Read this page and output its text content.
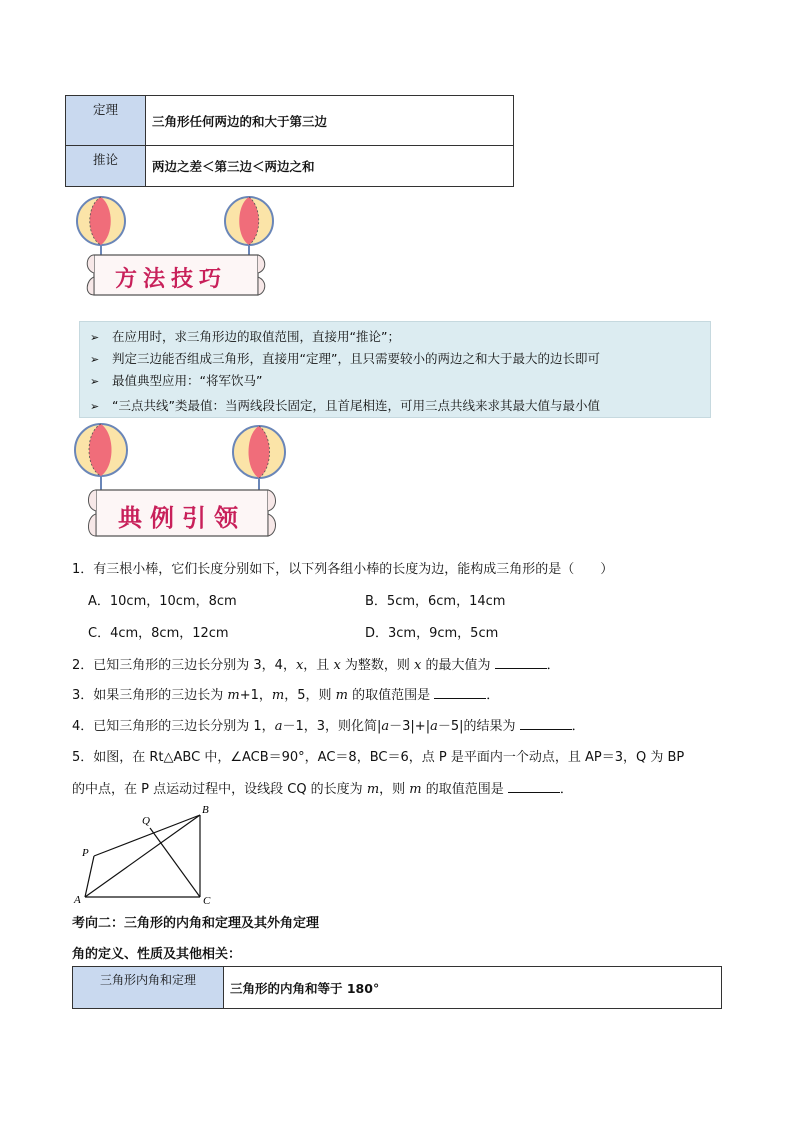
定理	三角形任何两边的和大于第三边
推论	两边之差＜第三边＜两边之和
方法技巧
➢ 在应用时，求三角形边的取值范围，直接用“推论”；
➢ 判定三边能否组成三角形，直接用“定理”，且只需要较小的两边之和大于最大的边长即可
➢ 最值典型应用：“将军饮马”
➢ “三点共线”类最值：当两线段长固定，且首尾相连，可用三点共线来求其最大值与最小值
典例引领
1．有三根小棒，它们长度分别如下，以下列各组小棒的长度为边，能构成三角形的是（　　）
A．10cm，10cm，8cm	B．5cm，6cm，14cm
C．4cm，8cm，12cm	D．3cm，9cm，5cm
2．已知三角形的三边长分别为 3，4，x，且 x 为整数，则 x 的最大值为	．
3．如果三角形的三边长为 m+1，m，5，则 m 的取值范围是	．
4．已知三角形的三边长分别为 1，a－1，3，则化简|a－3|+|a－5|的结果为	．
5．如图，在 Rt△ABC 中，∠ACB＝90°，AC＝8，BC＝6，点 P 是平面内一个动点，且 AP＝3，Q 为 BP
的中点，在 P 点运动过程中，设线段 CQ 的长度为 m，则 m 的取值范围是	．
A	C
B
P
Q
考向二：三角形的内角和定理及其外角定理
角的定义、性质及其他相关：
三角形内角和定理	三角形的内角和等于 180°
